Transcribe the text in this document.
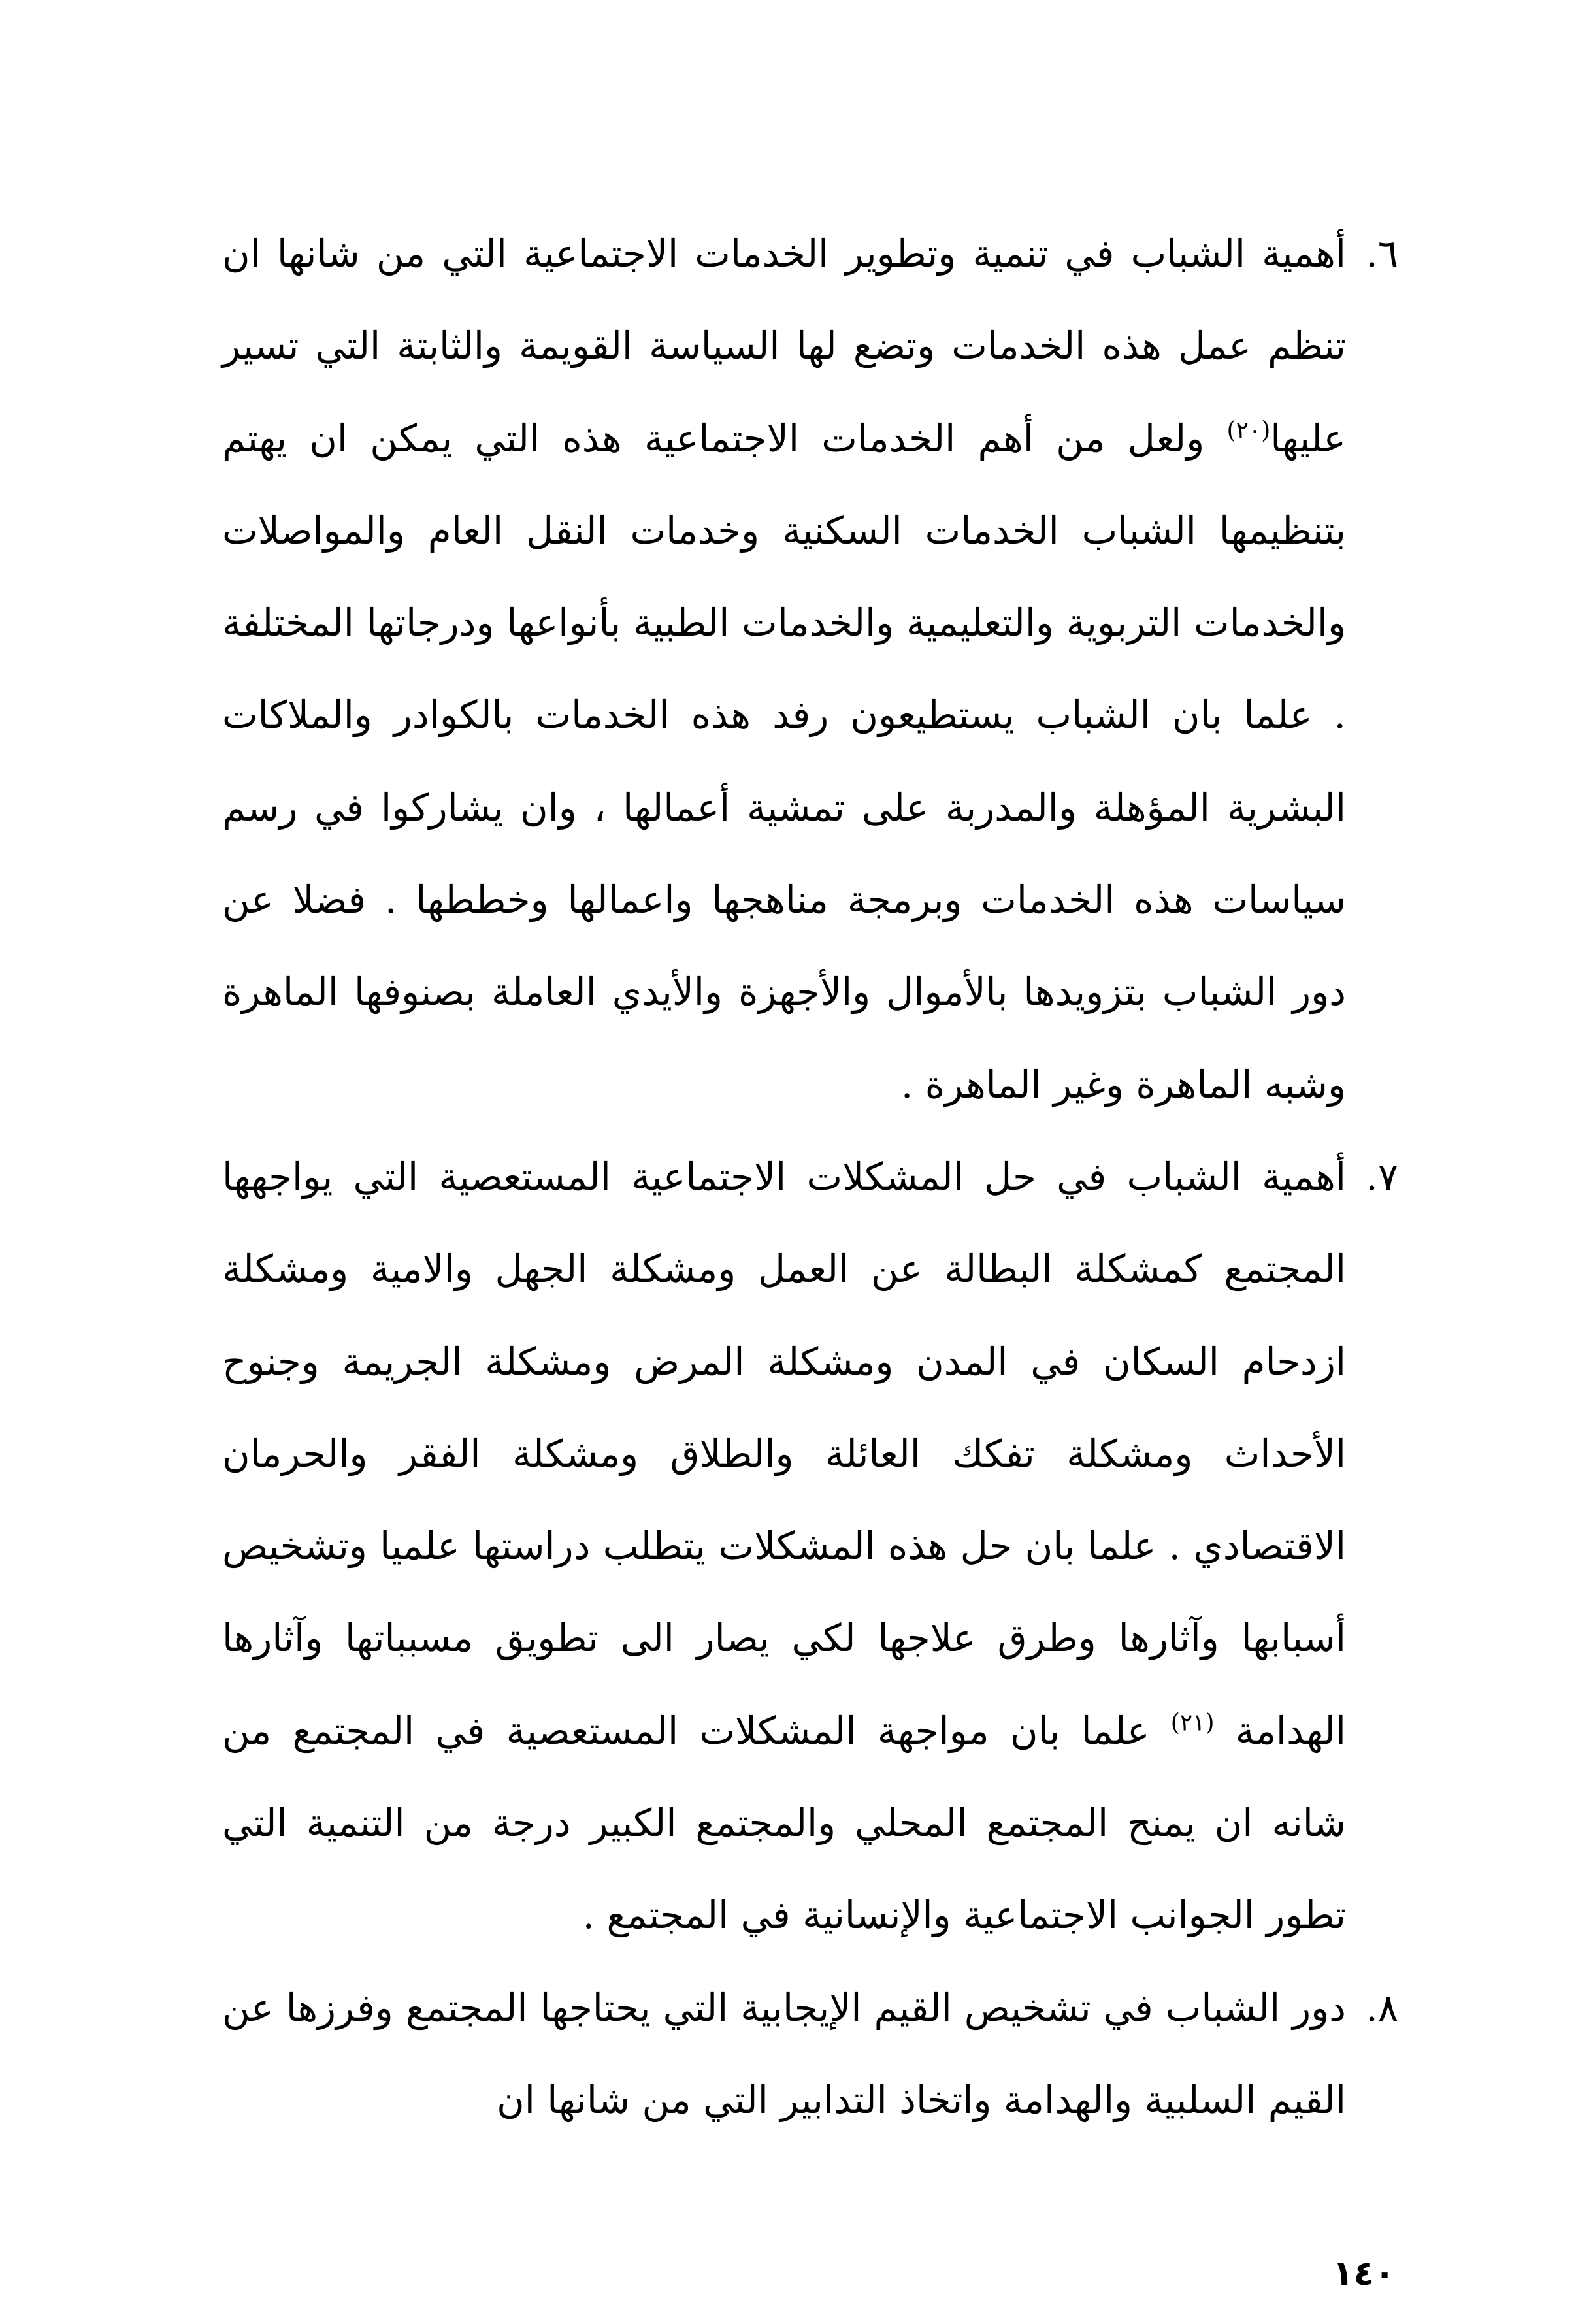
٦.
أهمية الشباب في تنمية وتطوير الخدمات الاجتماعية التي من شانها ان تنظم عمل هذه الخدمات وتضع لها السياسة القويمة والثابتة التي تسير عليها$^{(٢٠)}$ ولعل من أهم الخدمات الاجتماعية هذه التي يمكن ان يهتم بتنظيمها الشباب الخدمات السكنية وخدمات النقل العام والمواصلات والخدمات التربوية والتعليمية والخدمات الطبية بأنواعها ودرجاتها المختلفة . علما بان الشباب يستطيعون رفد هذه الخدمات بالكوادر والملاكات البشرية المؤهلة والمدربة على تمشية أعمالها ، وان يشاركوا في رسم سياسات هذه الخدمات وبرمجة مناهجها واعمالها وخططها . فضلا عن دور الشباب بتزويدها بالأموال والأجهزة والأيدي العاملة بصنوفها الماهرة وشبه الماهرة وغير الماهرة .
٧.
أهمية الشباب في حل المشكلات الاجتماعية المستعصية التي يواجهها المجتمع كمشكلة البطالة عن العمل ومشكلة الجهل والامية ومشكلة ازدحام السكان في المدن ومشكلة المرض ومشكلة الجريمة وجنوح الأحداث ومشكلة تفكك العائلة والطلاق ومشكلة الفقر والحرمان الاقتصادي . علما بان حل هذه المشكلات يتطلب دراستها علميا وتشخيص أسبابها وآثارها وطرق علاجها لكي يصار الى تطويق مسبباتها وآثارها الهدامة $^{(٢١)}$ علما بان مواجهة المشكلات المستعصية في المجتمع من شانه ان يمنح المجتمع المحلي والمجتمع الكبير درجة من التنمية التي تطور الجوانب الاجتماعية والإنسانية في المجتمع .
٨.
دور الشباب في تشخيص القيم الإيجابية التي يحتاجها المجتمع وفرزها عن القيم السلبية والهدامة واتخاذ التدابير التي من شانها ان
١٤٠
